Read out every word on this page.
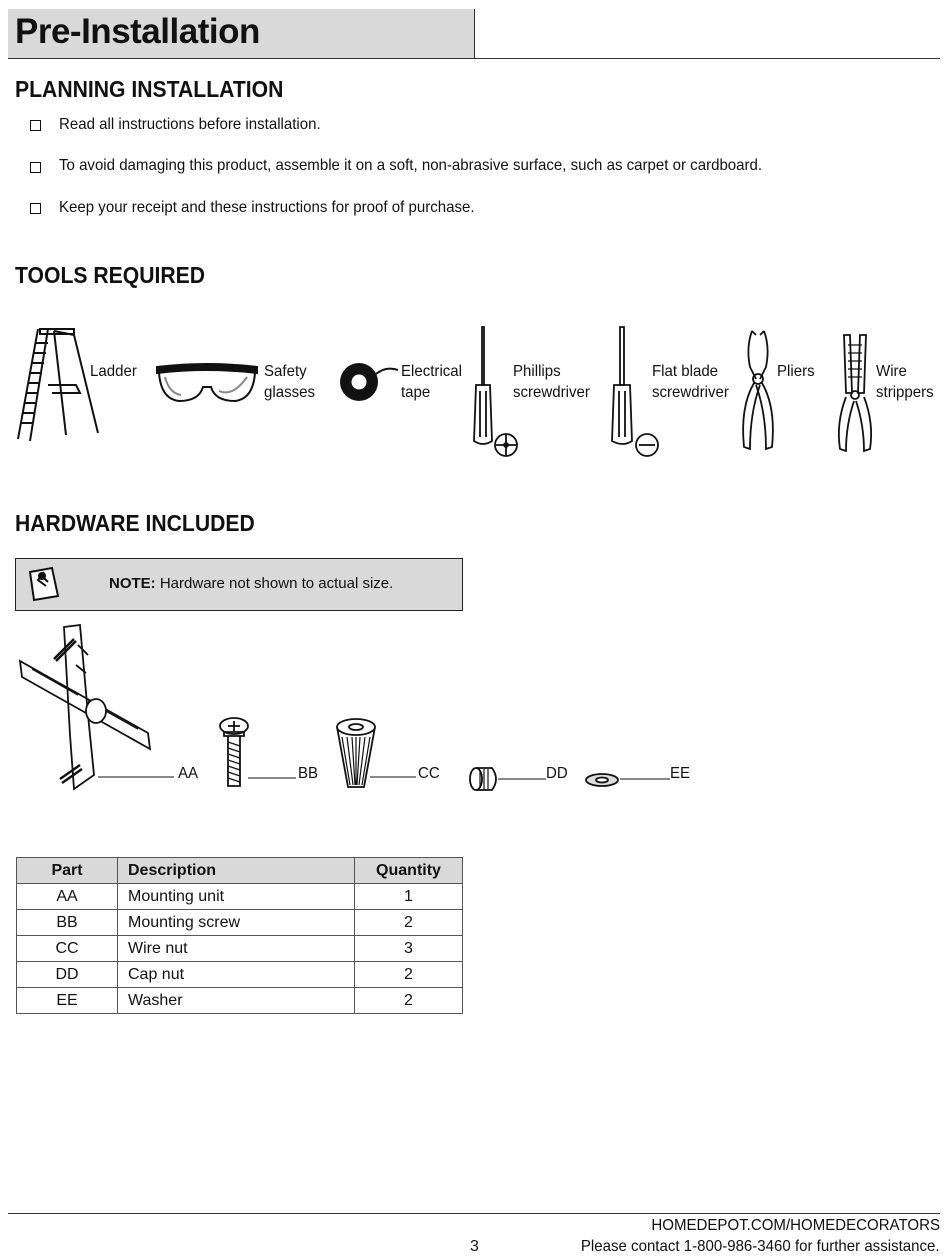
Pre-Installation
PLANNING INSTALLATION
Read all instructions before installation.
To avoid damaging this product, assemble it on a soft, non-abrasive surface, such as carpet or cardboard.
Keep your receipt and these instructions for proof of purchase.
TOOLS REQUIRED
Ladder	Safety
glasses
Electrical
tape
Phillips
screwdriver
Flat blade
screwdriver
Pliers	Wire
strippers
HARDWARE INCLUDED
NOTE: Hardware not shown to actual size.
AA	BB	CC	DD	EE
Part	Description	Quantity
AA	Mounting unit	1
BB	Mounting screw	2
CC	Wire nut	3
DD	Cap nut	2
EE	Washer	2
HOMEDEPOT.COM/HOMEDECORATORS
3	Please contact 1-800-986-3460 for further assistance.
